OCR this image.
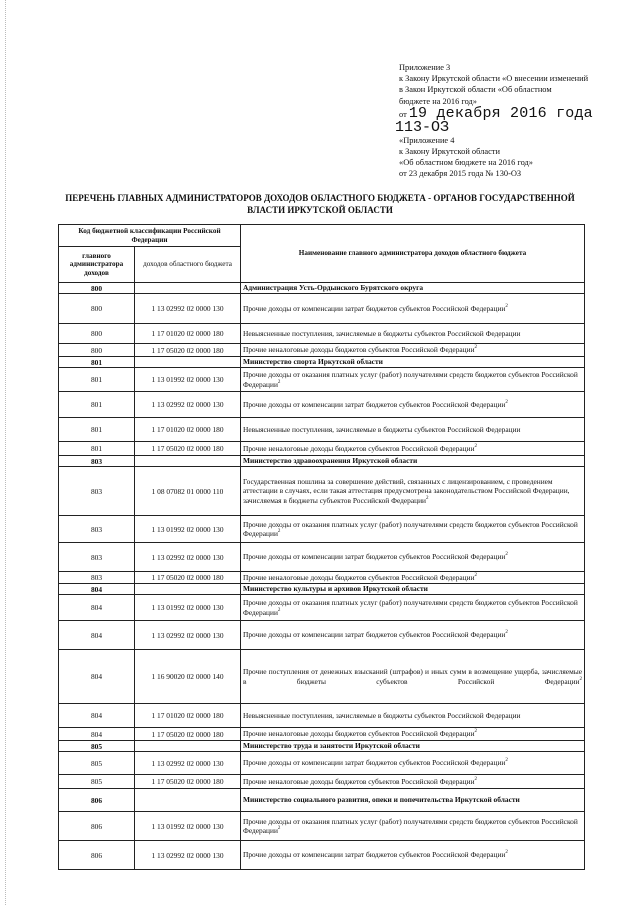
Приложение 3
к Закону Иркутской области «О внесении изменений
в Закон Иркутской области «Об областном
бюджете на 2016 год»
от 19 декабря 2016 года
113-ОЗ
«Приложение 4
к Закону Иркутской области
«Об областном бюджете на 2016 год»
от 23 декабря 2015 года № 130-ОЗ
ПЕРЕЧЕНЬ ГЛАВНЫХ АДМИНИСТРАТОРОВ ДОХОДОВ ОБЛАСТНОГО БЮДЖЕТА - ОРГАНОВ ГОСУДАРСТВЕННОЙ ВЛАСТИ ИРКУТСКОЙ ОБЛАСТИ
Код бюджетной классификации Российской Федерации		Наименование главного администратора доходов областного бюджета
главного администратора доходов	доходов областного бюджета	
800		Администрация Усть-Ордынского Бурятского округа
800	1 13 02992 02 0000 130	Прочие доходы от компенсации затрат бюджетов субъектов Российской Федерации$^2$
800	1 17 01020 02 0000 180	Невыясненные поступления, зачисляемые в бюджеты субъектов Российской Федерации
800	1 17 05020 02 0000 180	Прочие неналоговые доходы бюджетов субъектов Российской Федерации$^2$
801		Министерство спорта Иркутской области
801	1 13 01992 02 0000 130	Прочие доходы от оказания платных услуг (работ) получателями средств бюджетов субъектов Российской Федерации$^2$
801	1 13 02992 02 0000 130	Прочие доходы от компенсации затрат бюджетов субъектов Российской Федерации$^2$
801	1 17 01020 02 0000 180	Невыясненные поступления, зачисляемые в бюджеты субъектов Российской Федерации
801	1 17 05020 02 0000 180	Прочие неналоговые доходы бюджетов субъектов Российской Федерации$^2$
803		Министерство здравоохранения Иркутской области
803	1 08 07082 01 0000 110	Государственная пошлина за совершение действий, связанных с лицензированием, с проведением аттестации в случаях, если такая аттестация предусмотрена законодательством Российской Федерации, зачисляемая в бюджеты субъектов Российской Федерации$^2$
803	1 13 01992 02 0000 130	Прочие доходы от оказания платных услуг (работ) получателями средств бюджетов субъектов Российской Федерации$^2$
803	1 13 02992 02 0000 130	Прочие доходы от компенсации затрат бюджетов субъектов Российской Федерации$^2$
803	1 17 05020 02 0000 180	Прочие неналоговые доходы бюджетов субъектов Российской Федерации$^2$
804		Министерство культуры и архивов Иркутской области
804	1 13 01992 02 0000 130	Прочие доходы от оказания платных услуг (работ) получателями средств бюджетов субъектов Российской Федерации$^2$
804	1 13 02992 02 0000 130	Прочие доходы от компенсации затрат бюджетов субъектов Российской Федерации$^2$
804	1 16 90020 02 0000 140	Прочие поступления от денежных взысканий (штрафов) и иных сумм в возмещение ущерба, зачисляемые в бюджеты субъектов Российской Федерации$^2$
804	1 17 01020 02 0000 180	Невыясненные поступления, зачисляемые в бюджеты субъектов Российской Федерации
804	1 17 05020 02 0000 180	Прочие неналоговые доходы бюджетов субъектов Российской Федерации$^2$
805		Министерство труда и занятости Иркутской области
805	1 13 02992 02 0000 130	Прочие доходы от компенсации затрат бюджетов субъектов Российской Федерации$^2$
805	1 17 05020 02 0000 180	Прочие неналоговые доходы бюджетов субъектов Российской Федерации$^2$
806		Министерство социального развития, опеки и попечительства Иркутской области
806	1 13 01992 02 0000 130	Прочие доходы от оказания платных услуг (работ) получателями средств бюджетов субъектов Российской Федерации$^2$
806	1 13 02992 02 0000 130	Прочие доходы от компенсации затрат бюджетов субъектов Российской Федерации$^2$
